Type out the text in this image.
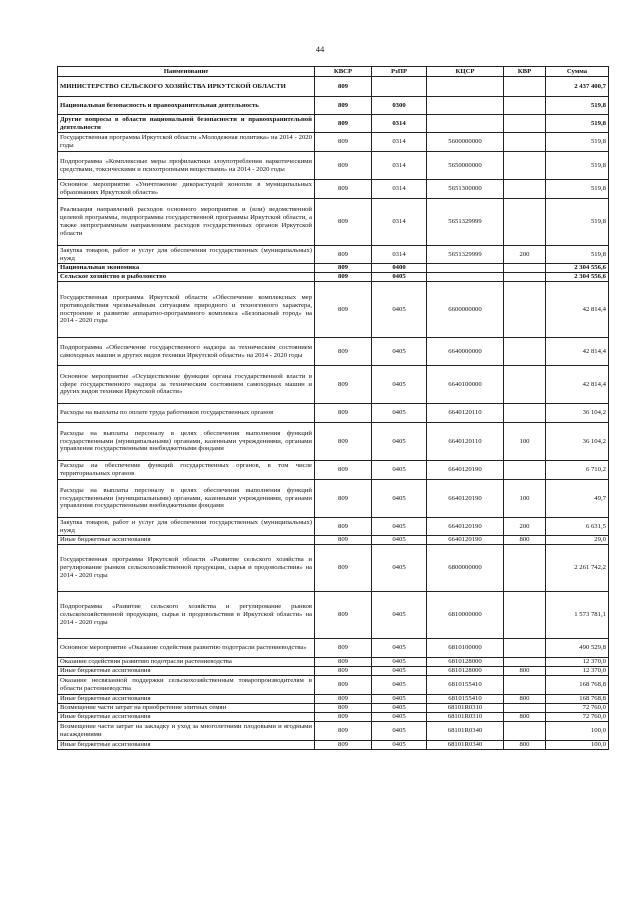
44
Наименование	КВСР	РзПР	КЦСР	КВР	Сумма
МИНИСТЕРСТВО СЕЛЬСКОГО ХОЗЯЙСТВА ИРКУТСКОЙ ОБЛАСТИ	809				2 437 400,7
Национальная безопасность и правоохранительная деятельность	809	0300			519,8
Другие вопросы в области национальной безопасности и правоохранительной деятельности	809	0314			519,8
Государственная программа Иркутской области «Молодежная политика» на 2014 - 2020 годы	809	0314	5600000000		519,8
Подпрограмма «Комплексные меры профилактики злоупотребления наркотическими средствами, токсическими и психотропными веществами» на 2014 - 2020 годы	809	0314	5650000000		519,8
Основное мероприятие «Уничтожение дикорастущей конопли в муниципальных образованиях Иркутской области»	809	0314	5651300000		519,8
Реализация направлений расходов основного мероприятия и (или) ведомственной целевой программы, подпрограммы государственной программы Иркутской области, а также непрограммным направлениям расходов государственных органов Иркутской области	809	0314	5651329999		519,8
Закупка товаров, работ и услуг для обеспечения государственных (муниципальных) нужд	809	0314	5651329999	200	519,8
Национальная экономика	809	0400			2 304 556,6
Сельское хозяйство и рыболовство	809	0405			2 304 556,6
Государственная программа Иркутской области «Обеспечение комплексных мер противодействия чрезвычайным ситуациям природного и техногенного характера, построение и развитие аппаратно-программного комплекса «Безопасный город» на 2014 - 2020 годы	809	0405	6600000000		42 814,4
Подпрограмма «Обеспечение государственного надзора за техническим состоянием самоходных машин и других видов техники Иркутской области» на 2014 - 2020 годы	809	0405	6640000000		42 814,4
Основное мероприятие «Осуществление функции органа государственной власти в сфере государственного надзора за техническим состоянием самоходных машин и других видов техники Иркутской области»	809	0405	6640100000		42 814,4
Расходы на выплаты по оплате труда работников государственных органов	809	0405	6640120110		36 104,2
Расходы на выплаты персоналу в целях обеспечения выполнения функций государственными (муниципальными) органами, казенными учреждениями, органами управления государственными внебюджетными фондами	809	0405	6640120110	100	36 104,2
Расходы на обеспечение функций государственных органов, в том числе территориальных органов	809	0405	6640120190		6 710,2
Расходы на выплаты персоналу в целях обеспечения выполнения функций государственными (муниципальными) органами, казенными учреждениями, органами управления государственными внебюджетными фондами	809	0405	6640120190	100	49,7
Закупка товаров, работ и услуг для обеспечения государственных (муниципальных) нужд	809	0405	6640120190	200	6 631,5
Иные бюджетные ассигнования	809	0405	6640120190	800	29,0
Государственная программа Иркутской области «Развитие сельского хозяйства и регулирование рынков сельскохозяйственной продукции, сырья и продовольствия» на 2014 - 2020 годы	809	0405	6800000000		2 261 742,2
Подпрограмма «Развитие сельского хозяйства и регулирование рынков сельскохозяйственной продукции, сырья и продовольствия в Иркутской области» на 2014 - 2020 годы	809	0405	6810000000		1 573 781,1
Основное мероприятие «Оказание содействия развитию подотрасли растениеводства»	809	0405	6810100000		490 529,8
Оказание содействия развитию подотрасли растениеводства	809	0405	6810128000		12 370,0
Иные бюджетные ассигнования	809	0405	6810128000	800	12 370,0
Оказание несвязанной поддержки сельскохозяйственным товаропроизводителям в области растениеводства	809	0405	6810155410		168 768,8
Иные бюджетные ассигнования	809	0405	6810155410	800	168 768,8
Возмещение части затрат на приобретение элитных семян	809	0405	68101R0310		72 760,0
Иные бюджетные ассигнования	809	0405	68101R0310	800	72 760,0
Возмещение части затрат на закладку и уход за многолетними плодовыми и ягодными насаждениями	809	0405	68101R0340		100,0
Иные бюджетные ассигнования	809	0405	68101R0340	800	100,0
